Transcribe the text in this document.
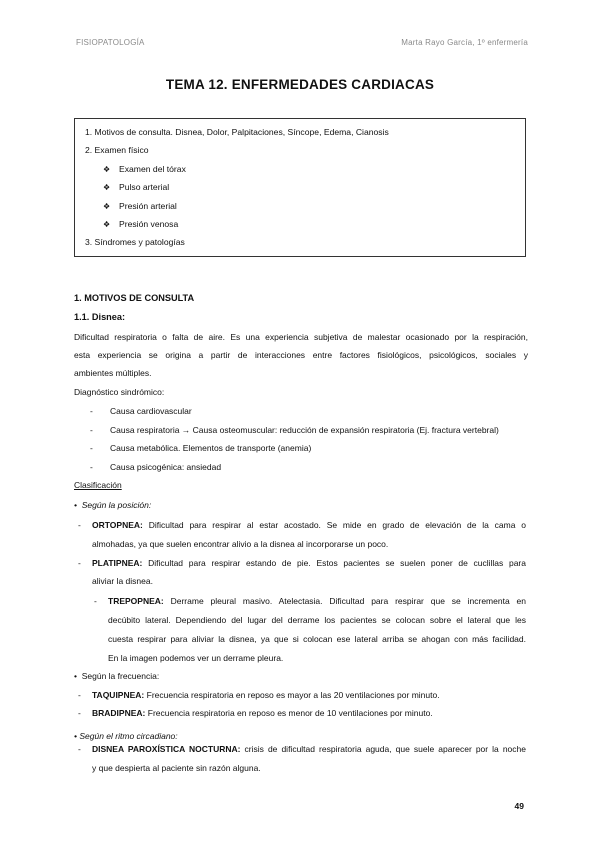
FISIOPATOLOGÍA	Marta Rayo García, 1º enfermería
TEMA 12. ENFERMEDADES CARDIACAS
1. Motivos de consulta. Disnea, Dolor, Palpitaciones, Síncope, Edema, Cianosis
2. Examen físico
❖ Examen del tórax
❖ Pulso arterial
❖ Presión arterial
❖ Presión venosa
3. Síndromes y patologías
1. MOTIVOS DE CONSULTA
1.1. Disnea:
Dificultad respiratoria o falta de aire. Es una experiencia subjetiva de malestar ocasionado por la respiración,
esta experiencia se origina a partir de interacciones entre factores fisiológicos, psicológicos, sociales y
ambientes múltiples.
Diagnóstico sindrómico:
- Causa cardiovascular
- Causa respiratoria → Causa osteomuscular: reducción de expansión respiratoria (Ej. fractura vertebral)
- Causa metabólica. Elementos de transporte (anemia)
- Causa psicogénica: ansiedad
Clasificación
• Según la posición:
- ORTOPNEA: Dificultad para respirar al estar acostado. Se mide en grado de elevación de la cama o
almohadas, ya que suelen encontrar alivio a la disnea al incorporarse un poco.
- PLATIPNEA: Dificultad para respirar estando de pie. Estos pacientes se suelen poner de cuclillas para
aliviar la disnea.
- TREPOPNEA: Derrame pleural masivo. Atelectasia. Dificultad para respirar que se incrementa en
decúbito lateral. Dependiendo del lugar del derrame los pacientes se colocan sobre el lateral que les
cuesta respirar para aliviar la disnea, ya que si colocan ese lateral arriba se ahogan con más facilidad.
En la imagen podemos ver un derrame pleura.
• Según la frecuencia:
- TAQUIPNEA: Frecuencia respiratoria en reposo es mayor a las 20 ventilaciones por minuto.
- BRADIPNEA: Frecuencia respiratoria en reposo es menor de 10 ventilaciones por minuto.
• Según el ritmo circadiano:
- DISNEA PAROXÍSTICA NOCTURNA: crisis de dificultad respiratoria aguda, que suele aparecer por la noche
y que despierta al paciente sin razón alguna.
49
